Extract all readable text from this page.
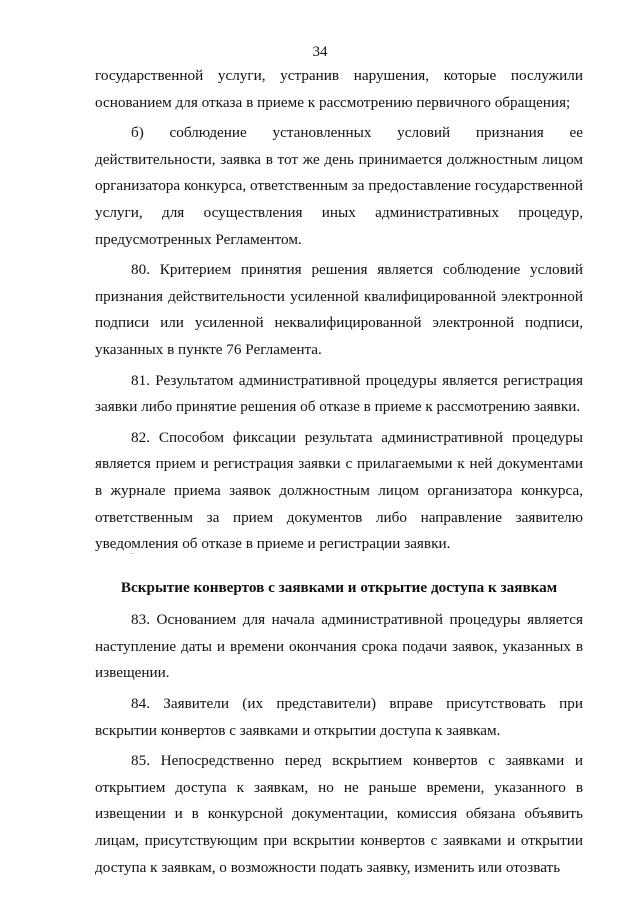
34

государственной услуги, устранив нарушения, которые послужили основанием для отказа в приеме к рассмотрению первичного обращения;

б) соблюдение установленных условий признания ее действительности, заявка в тот же день принимается должностным лицом организатора конкурса, ответственным за предоставление государственной услуги, для осуществления иных административных процедур, предусмотренных Регламентом.

80. Критерием принятия решения является соблюдение условий признания действительности усиленной квалифицированной электронной подписи или усиленной неквалифицированной электронной подписи, указанных в пункте 76 Регламента.

81. Результатом административной процедуры является регистрация заявки либо принятие решения об отказе в приеме к рассмотрению заявки.

82. Способом фиксации результата административной процедуры является прием и регистрация заявки с прилагаемыми к ней документами в журнале приема заявок должностным лицом организатора конкурса, ответственным за прием документов либо направление заявителю уведомления об отказе в приеме и регистрации заявки.

Вскрытие конвертов с заявками и открытие доступа к заявкам

83. Основанием для начала административной процедуры является наступление даты и времени окончания срока подачи заявок, указанных в извещении.

84. Заявители (их представители) вправе присутствовать при вскрытии конвертов с заявками и открытии доступа к заявкам.

85. Непосредственно перед вскрытием конвертов с заявками и открытием доступа к заявкам, но не раньше времени, указанного в извещении и в конкурсной документации, комиссия обязана объявить лицам, присутствующим при вскрытии конвертов с заявками и открытии доступа к заявкам, о возможности подать заявку, изменить или отозвать
